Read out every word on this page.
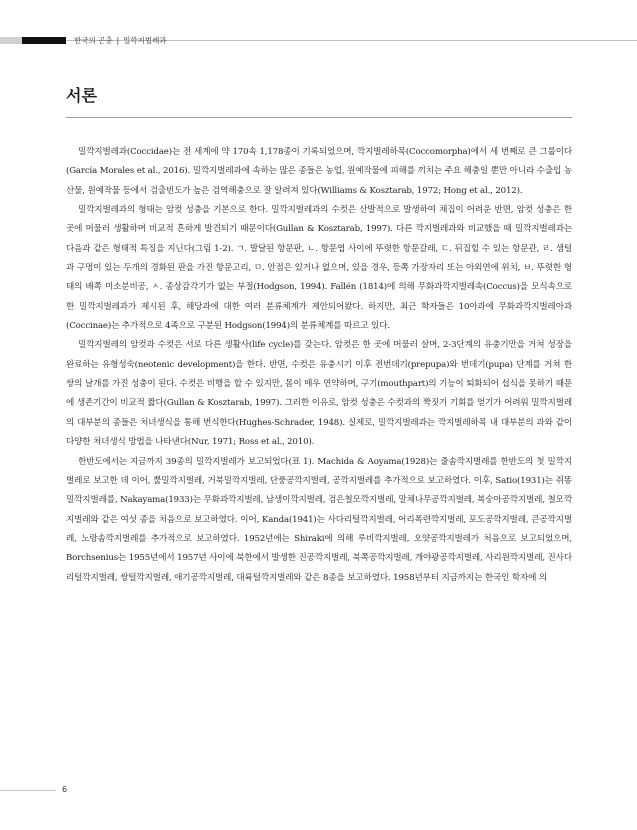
한국의 곤충 | 밀깍지벌레과
서론

밀깍지벌레과(Coccidae)는 전 세계에 약 170속 1,178종이 기록되었으며, 깍지벌레하목(Coccomorpha)에서 세 번째로 큰 그룹이다(García Morales et al., 2016). 밀깍지벌레과에 속하는 많은 종들은 농업, 원예작물에 피해를 끼치는 주요 해충일 뿐만 아니라 수출입 농산물, 원예작물 등에서 검출빈도가 높은 검역해충으로 잘 알려져 있다(Williams & Kosztarab, 1972; Hong et al., 2012).

밀깍지벌레과의 형태는 암컷 성충을 기본으로 한다. 밀깍지벌레과의 수컷은 산발적으로 발생하여 채집이 어려운 반면, 암컷 성충은 한 곳에 머물러 생활하며 비교적 흔하게 발견되기 때문이다(Gullan & Kosztarab, 1997). 다른 깍지벌레과와 비교했을 때 밀깍지벌레과는 다음과 같은 형태적 특징을 지닌다(그림 1-2). ㄱ. 발달된 항문판, ㄴ. 항문엽 사이에 뚜렷한 항문갈래, ㄷ. 뒤집힐 수 있는 항문관, ㄹ. 샘털과 구멍이 있는 두개의 경화된 판을 가진 항문고리, ㅁ. 안점은 있거나 없으며, 있을 경우, 등쪽 가장자리 또는 아외연에 위치, ㅂ. 뚜렷한 형태의 배쪽 미소분비공, ㅅ. 종상감각기가 없는 부절(Hodgson, 1994). Fallén (1814)에 의해 무화과깍지벌레속(Coccus)을 모식속으로 한 밀깍지벌레과가 제시된 후, 해당과에 대한 여러 분류체계가 제안되어왔다. 하지만, 최근 학자들은 10아과에 무화과깍지벌레아과(Coccinae)는 추가적으로 4족으로 구분된 Hodgson(1994)의 분류체계를 따르고 있다.

밀깍지벌레의 암컷과 수컷은 서로 다른 생활사(life cycle)를 갖는다. 암컷은 한 곳에 머물러 살며, 2-3단계의 유충기만을 거쳐 성장을 완료하는 유형성숙(neotenic development)을 한다. 반면, 수컷은 유충시기 이후 전번데기(prepupa)와 번데기(pupa) 단계를 거쳐 한 쌍의 날개를 가진 성충이 된다. 수컷은 비행을 할 수 있지만, 몸이 매우 연약하며, 구기(mouthpart)의 기능이 퇴화되어 섭식을 못하기 때문에 생존기간이 비교적 짧다(Gullan & Kosztarab, 1997). 그러한 이유로, 암컷 성충은 수컷과의 짝짓기 기회를 얻기가 어려워 밀깍지벌레의 대부분의 종들은 처녀생식을 통해 번식한다(Hughes-Schrader, 1948). 실제로, 밀깍지벌레과는 깍지벌레하목 내 대부분의 과와 같이 다양한 처녀생식 방법을 나타낸다(Nur, 1971; Ross et al., 2010).

한반도에서는 지금까지 39종의 밀깍지벌레가 보고되었다(표 1). Machida & Aoyama(1928)는 줄솜깍지벌레를 한반도의 첫 밀깍지벌레로 보고한 데 이어, 뿔밀깍지벌레, 거북밀깍지벌레, 단풍공깍지벌레, 공깍지벌레를 추가적으로 보고하였다. 이후, Satio(1931)는 쥐똥밀깍지벌레를, Nakayama(1933)는 무화과깍지벌레, 남생이깍지벌레, 검은철모깍지벌레, 말채나무공깍지벌레, 복숭아공깍지벌레, 철모깍지벌레와 같은 여섯 종을 처음으로 보고하였다. 이어, Kanda(1941)는 사다리털깍지벌레, 어리폭련깍지벌레, 포도공깍지벌레, 큰공깍지벌레, 노랑솜깍지벌레를 추가적으로 보고하였다. 1952년에는 Shiraki에 의해 루비깍지벌레, 오얏공깍지벌레가 처음으로 보고되었으며, Borchsenius는 1955년에서 1957년 사이에 북한에서 발생한 진공깍지벌레, 북쪽공깍지벌레, 개야광공깍지벌레, 사리원깍지벌레, 진사다리털깍지벌레, 쌍털깍지벌레, 애기공깍지벌레, 대륙털깍지벌레와 같은 8종을 보고하였다. 1958년부터 지금까지는 한국인 학자에 의

6
